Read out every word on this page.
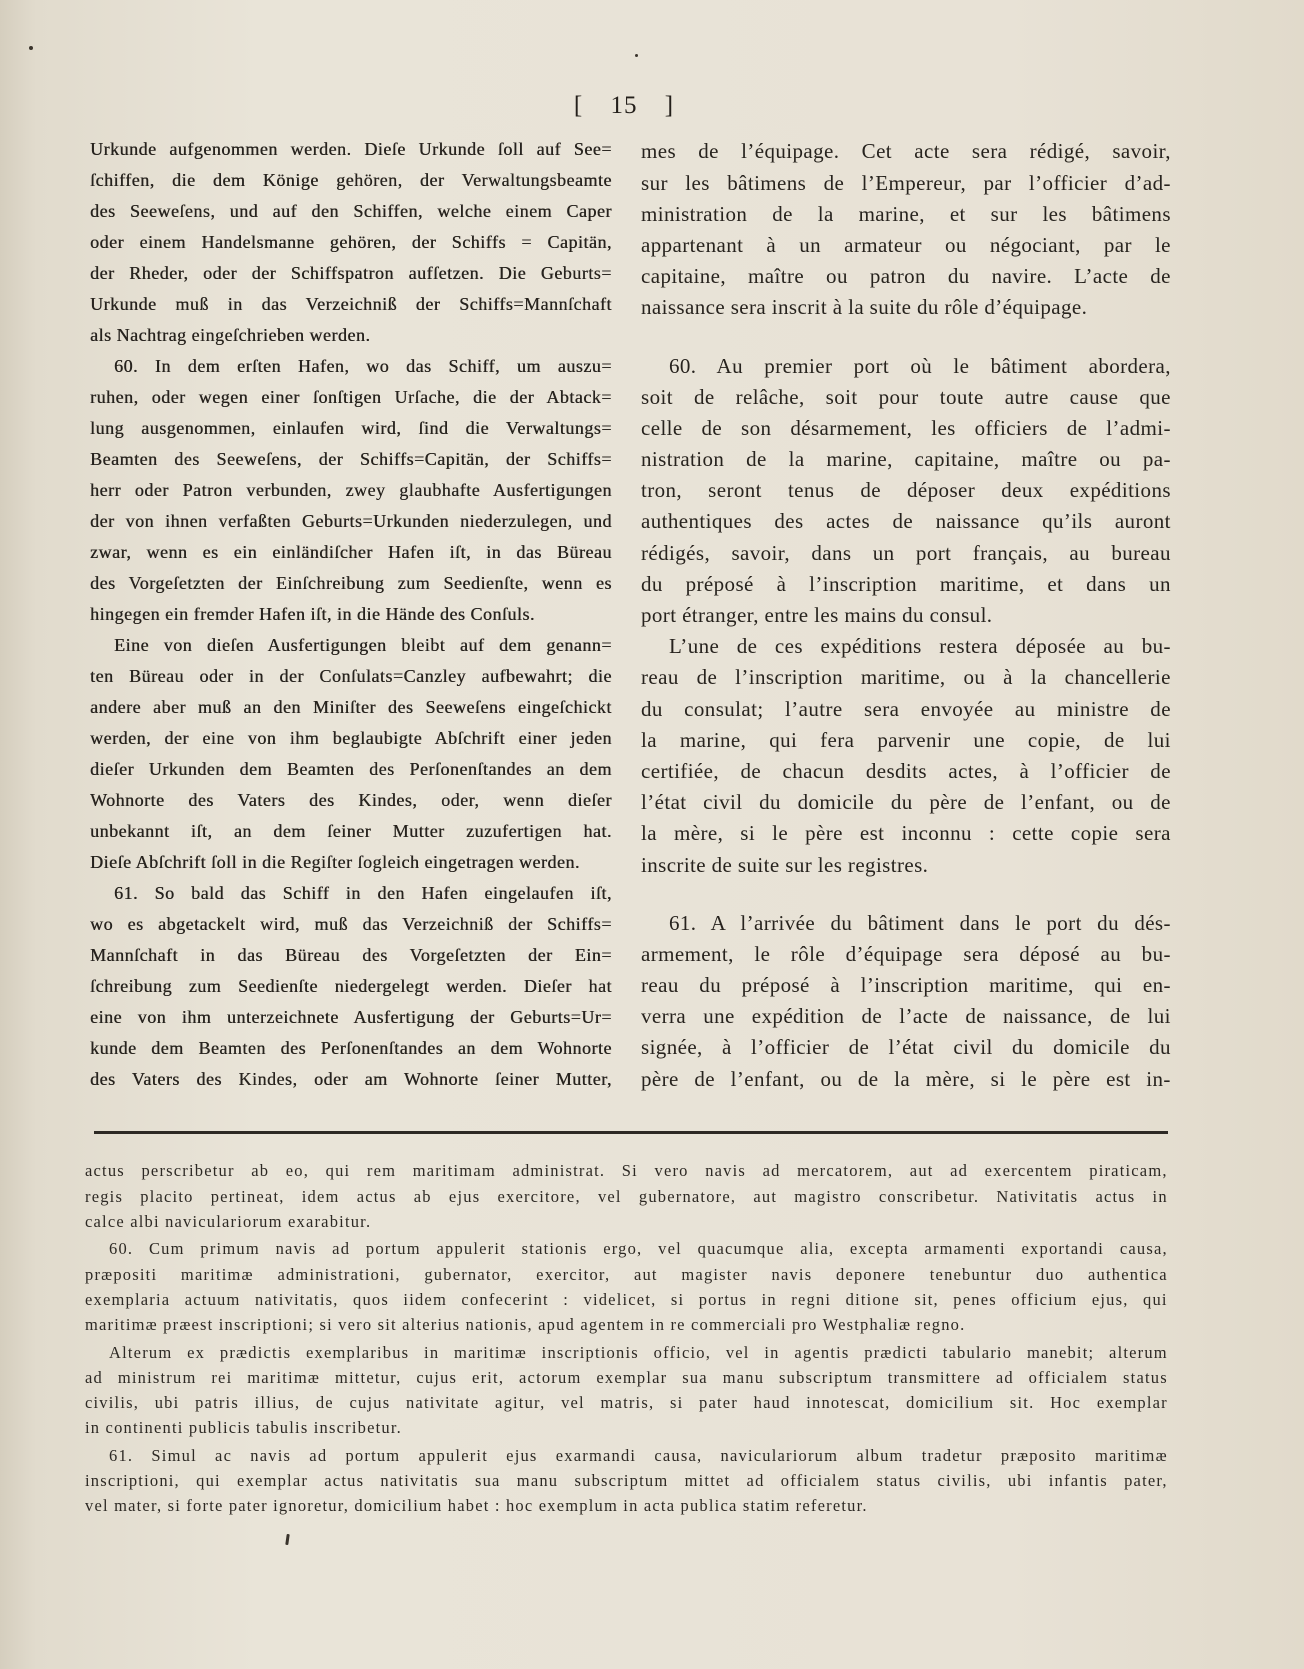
[ 15 ]
Urkunde aufgenommen werden. Dieſe Urkunde ſoll auf See=
ſchiffen, die dem Könige gehören, der Verwaltungsbeamte
des Seeweſens, und auf den Schiffen, welche einem Caper
oder einem Handelsmanne gehören, der Schiffs = Capitän,
der Rheder, oder der Schiffspatron aufſetzen. Die Geburts=
Urkunde muß in das Verzeichniß der Schiffs=Mannſchaft
als Nachtrag eingeſchrieben werden.
60. In dem erſten Hafen, wo das Schiff, um auszu=
ruhen, oder wegen einer ſonſtigen Urſache, die der Abtack=
lung ausgenommen, einlaufen wird, ſind die Verwaltungs=
Beamten des Seeweſens, der Schiffs=Capitän, der Schiffs=
herr oder Patron verbunden, zwey glaubhafte Ausfertigungen
der von ihnen verfaßten Geburts=Urkunden niederzulegen, und
zwar, wenn es ein einländiſcher Hafen iſt, in das Büreau
des Vorgeſetzten der Einſchreibung zum Seedienſte, wenn es
hingegen ein fremder Hafen iſt, in die Hände des Conſuls.
Eine von dieſen Ausfertigungen bleibt auf dem genann=
ten Büreau oder in der Conſulats=Canzley aufbewahrt; die
andere aber muß an den Miniſter des Seeweſens eingeſchickt
werden, der eine von ihm beglaubigte Abſchrift einer jeden
dieſer Urkunden dem Beamten des Perſonenſtandes an dem
Wohnorte des Vaters des Kindes, oder, wenn dieſer
unbekannt iſt, an dem ſeiner Mutter zuzufertigen hat.
Dieſe Abſchrift ſoll in die Regiſter ſogleich eingetragen werden.
61. So bald das Schiff in den Hafen eingelaufen iſt,
wo es abgetackelt wird, muß das Verzeichniß der Schiffs=
Mannſchaft in das Büreau des Vorgeſetzten der Ein=
ſchreibung zum Seedienſte niedergelegt werden. Dieſer hat
eine von ihm unterzeichnete Ausfertigung der Geburts=Ur=
kunde dem Beamten des Perſonenſtandes an dem Wohnorte
des Vaters des Kindes, oder am Wohnorte ſeiner Mutter,
mes de l’équipage. Cet acte sera rédigé, savoir,
sur les bâtimens de l’Empereur, par l’officier d’ad-
ministration de la marine, et sur les bâtimens
appartenant à un armateur ou négociant, par le
capitaine, maître ou patron du navire. L’acte de
naissance sera inscrit à la suite du rôle d’équipage.
60. Au premier port où le bâtiment abordera,
soit de relâche, soit pour toute autre cause que
celle de son désarmement, les officiers de l’admi-
nistration de la marine, capitaine, maître ou pa-
tron, seront tenus de déposer deux expéditions
authentiques des actes de naissance qu’ils auront
rédigés, savoir, dans un port français, au bureau
du préposé à l’inscription maritime, et dans un
port étranger, entre les mains du consul.
L’une de ces expéditions restera déposée au bu-
reau de l’inscription maritime, ou à la chancellerie
du consulat; l’autre sera envoyée au ministre de
la marine, qui fera parvenir une copie, de lui
certifiée, de chacun desdits actes, à l’officier de
l’état civil du domicile du père de l’enfant, ou de
la mère, si le père est inconnu : cette copie sera
inscrite de suite sur les registres.
61. A l’arrivée du bâtiment dans le port du dés-
armement, le rôle d’équipage sera déposé au bu-
reau du préposé à l’inscription maritime, qui en-
verra une expédition de l’acte de naissance, de lui
signée, à l’officier de l’état civil du domicile du
père de l’enfant, ou de la mère, si le père est in-
actus perscribetur ab eo, qui rem maritimam administrat. Si vero navis ad mercatorem, aut ad exercentem piraticam,
regis placito pertineat, idem actus ab ejus exercitore, vel gubernatore, aut magistro conscribetur. Nativitatis actus in
calce albi naviculariorum exarabitur.
60. Cum primum navis ad portum appulerit stationis ergo, vel quacumque alia, excepta armamenti exportandi causa,
præpositi maritimæ administrationi, gubernator, exercitor, aut magister navis deponere tenebuntur duo authentica
exemplaria actuum nativitatis, quos iidem confecerint : videlicet, si portus in regni ditione sit, penes officium ejus, qui
maritimæ præest inscriptioni; si vero sit alterius nationis, apud agentem in re commerciali pro Westphaliæ regno.
Alterum ex prædictis exemplaribus in maritimæ inscriptionis officio, vel in agentis prædicti tabulario manebit; alterum
ad ministrum rei maritimæ mittetur, cujus erit, actorum exemplar sua manu subscriptum transmittere ad officialem status
civilis, ubi patris illius, de cujus nativitate agitur, vel matris, si pater haud innotescat, domicilium sit. Hoc exemplar
in continenti publicis tabulis inscribetur.
61. Simul ac navis ad portum appulerit ejus exarmandi causa, naviculariorum album tradetur præposito maritimæ
inscriptioni, qui exemplar actus nativitatis sua manu subscriptum mittet ad officialem status civilis, ubi infantis pater,
vel mater, si forte pater ignoretur, domicilium habet : hoc exemplum in acta publica statim referetur.
